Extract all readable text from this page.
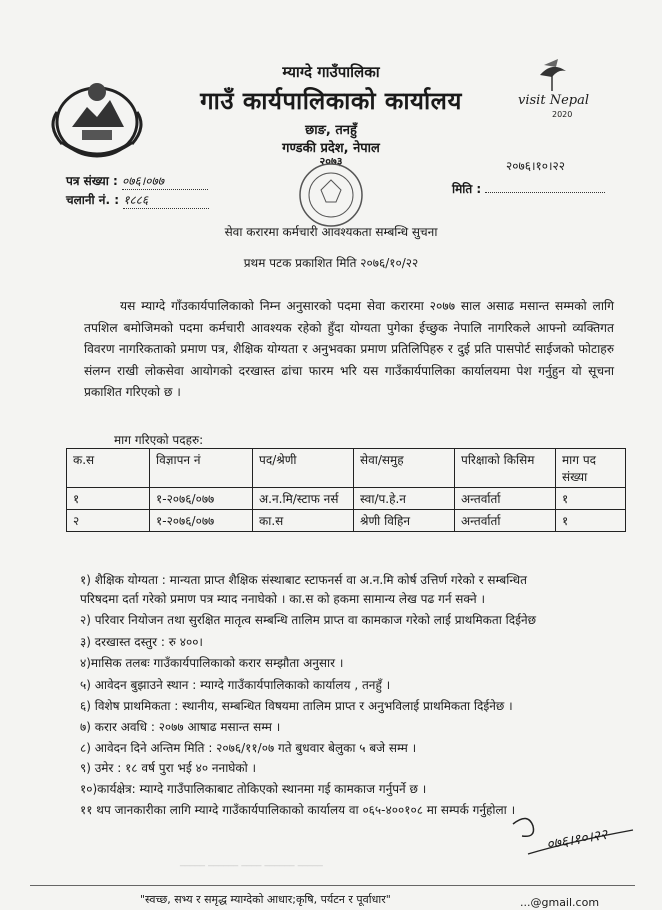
म्याग्दे गाउँपालिका
गाउँ कार्यपालिकाको कार्यालय
छाङ, तनहुँ
गण्डकी प्रदेश, नेपाल
२०७३
visit Nepal
2020
२०७६।१०।२२
पत्र संख्या : ०७६।०७७
चलानी नं. : १८८६
मिति :
सेवा करारमा कर्मचारी आवश्यकता सम्बन्धि सुचना
प्रथम पटक प्रकाशित मिति २०७६/१०/२२
यस म्याग्दे गाँउकार्यपालिकाको निम्न अनुसारको पदमा सेवा करारमा २०७७ साल असाढ मसान्त सम्मको लागि तपशिल बमोजिमको पदमा कर्मचारी आवश्यक रहेको हुँदा योग्यता पुगेका ईच्छुक नेपालि नागरिकले आफ्नो व्यक्तिगत विवरण नागरिकताको प्रमाण पत्र, शैक्षिक योग्यता र अनुभवका प्रमाण प्रतिलिपिहरु र दुई प्रति पासपोर्ट साईजको फोटाहरु संलग्न राखी लोकसेवा आयोगको दरखास्त ढांचा फारम भरि यस गाउँकार्यपालिका कार्यालयमा पेश गर्नुहुन यो सूचना प्रकाशित गरिएको छ ।
माग गरिएको पदहरु:
क.स	विज्ञापन नं	पद/श्रेणी	सेवा/समुह	परिक्षाको किसिम	माग पद संख्या
१	१-२०७६/०७७	अ.न.मि/स्टाफ नर्स	स्वा/प.हे.न	अन्तर्वार्ता	१
२	१-२०७६/०७७	का.स	श्रेणी विहिन	अन्तर्वार्ता	१
१) शैक्षिक योग्यता : मान्यता प्राप्त शैक्षिक संस्थाबाट स्टाफनर्स वा अ.न.मि कोर्ष उत्तिर्ण गरेको र सम्बन्धित
परिषदमा दर्ता गरेको प्रमाण पत्र म्याद ननाघेको । का.स को हकमा सामान्य लेख पढ गर्न सक्ने ।
२) परिवार नियोजन तथा सुरक्षित मातृत्व सम्बन्धि तालिम प्राप्त वा कामकाज गरेको लाई प्राथमिकता दिईनेछ
३) दरखास्त दस्तुर : रु ४००।
४)मासिक तलबः गाउँकार्यपालिकाको करार सम्झौता अनुसार ।
५) आवेदन बुझाउने स्थान : म्याग्दे गाउँकार्यपालिकाको कार्यालय , तनहुँ ।
६) विशेष प्राथमिकता : स्थानीय, सम्बन्धित विषयमा तालिम प्राप्त र अनुभविलाई प्राथमिकता दिईनेछ ।
७) करार अवधि : २०७७ आषाढ मसान्त सम्म ।
८) आवेदन दिने अन्तिम मिति : २०७६/११/०७ गते बुधवार बेलुका ५ बजे सम्म ।
९) उमेर : १८ वर्ष पुरा भई ४० ननाघेको ।
१०)कार्यक्षेत्र: म्याग्दे गाउँपालिकाबाट तोकिएको स्थानमा गई कामकाज गर्नुपर्ने छ ।
११ थप जानकारीका लागि म्याग्दे गाउँकार्यपालिकाको कार्यालय वा ०६५-४००१०८ मा सम्पर्क गर्नुहोला ।
०७६।१०।२२
_____ ______ ____ ______ _____
"स्वच्छ, सभ्य र समृद्ध म्याग्देको आधार;कृषि, पर्यटन र पूर्वाधार"	...@gmail.com
